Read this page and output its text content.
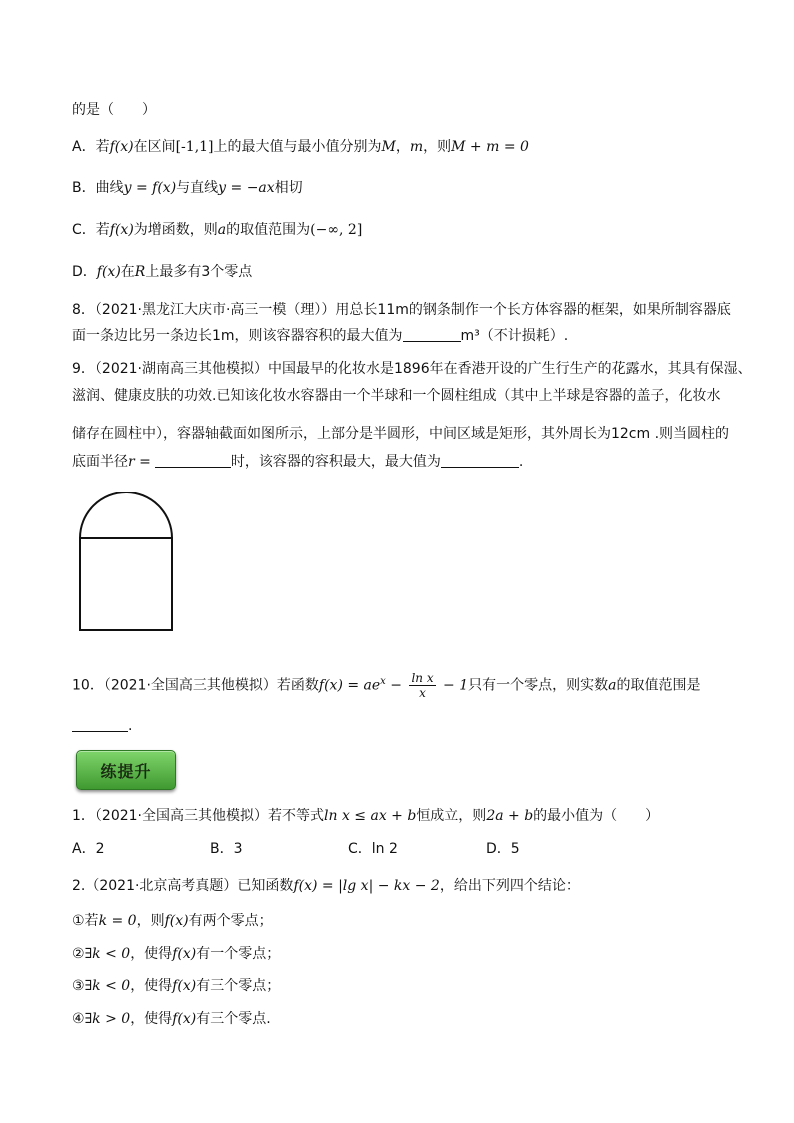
的是（　　）
A．若f(x)在区间[-1,1]上的最大值与最小值分别为M，m，则M + m = 0
B．曲线y = f(x)与直线y = −ax相切
C．若f(x)为增函数，则a的取值范围为(−∞, 2]
D．f(x)在R上最多有3个零点
8．（2021·黑龙江大庆市·高三一模（理））用总长11m的钢条制作一个长方体容器的框架，如果所制容器底
面一条边比另一条边长1m，则该容器容积的最大值为	m³（不计损耗）.
9．（2021·湖南高三其他模拟）中国最早的化妆水是1896年在香港开设的广生行生产的花露水，其具有保湿、
滋润、健康皮肤的功效.已知该化妆水容器由一个半球和一个圆柱组成（其中上半球是容器的盖子，化妆水
储存在圆柱中），容器轴截面如图所示，上部分是半圆形，中间区域是矩形，其外周长为12cm .则当圆柱的
底面半径r =	时，该容器的容积最大，最大值为	.
10．（2021·全国高三其他模拟）若函数$f(x) = ae^x - \frac{\text{ln x}}{x} - 1$只有一个零点，则实数a的取值范围是
.
练提升
1．（2021·全国高三其他模拟）若不等式ln x ≤ ax + b恒成立，则2a + b的最小值为（　　）
A．2	B．3	C．ln 2	D．5
2.（2021·北京高考真题）已知函数f(x) = |lg x| − kx − 2，给出下列四个结论：
①若k = 0，则f(x)有两个零点；
②∃k < 0，使得f(x)有一个零点；
③∃k < 0，使得f(x)有三个零点；
④∃k > 0，使得f(x)有三个零点.
